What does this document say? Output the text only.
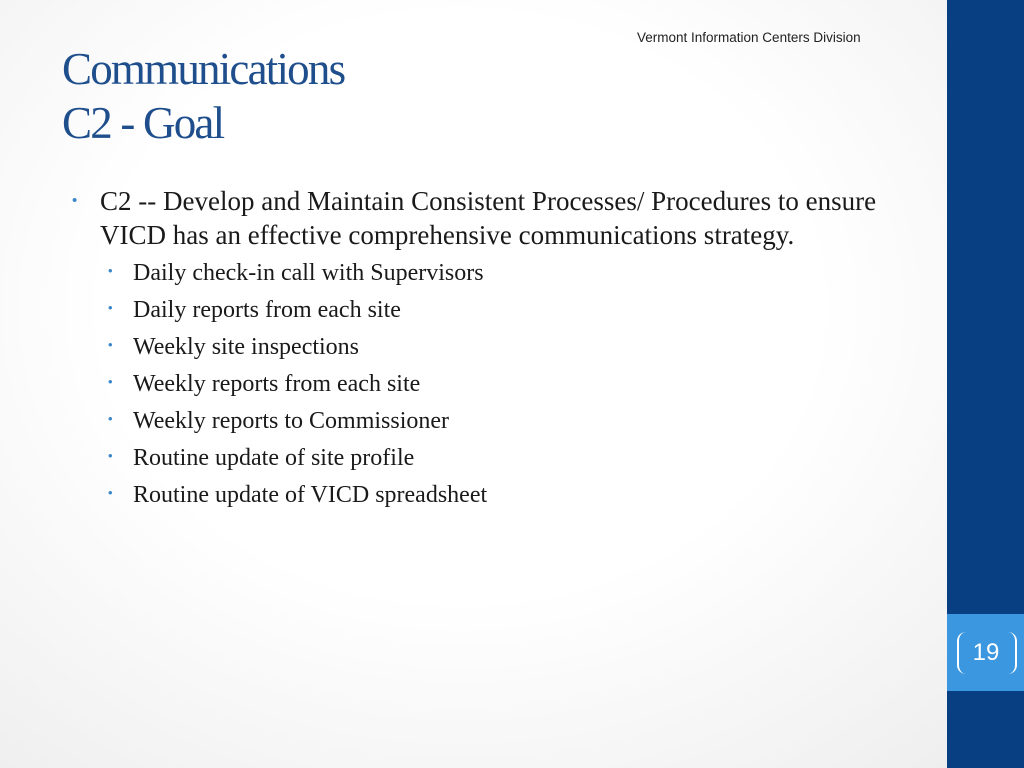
Vermont Information Centers Division
Communications
C2 - Goal
• C2 -- Develop and Maintain Consistent Processes/ Procedures to ensure VICD has an effective comprehensive communications strategy.
• Daily check-in call with Supervisors
• Daily reports from each site
• Weekly site inspections
• Weekly reports from each site
• Weekly reports to Commissioner
• Routine update of site profile
• Routine update of VICD spreadsheet
19
